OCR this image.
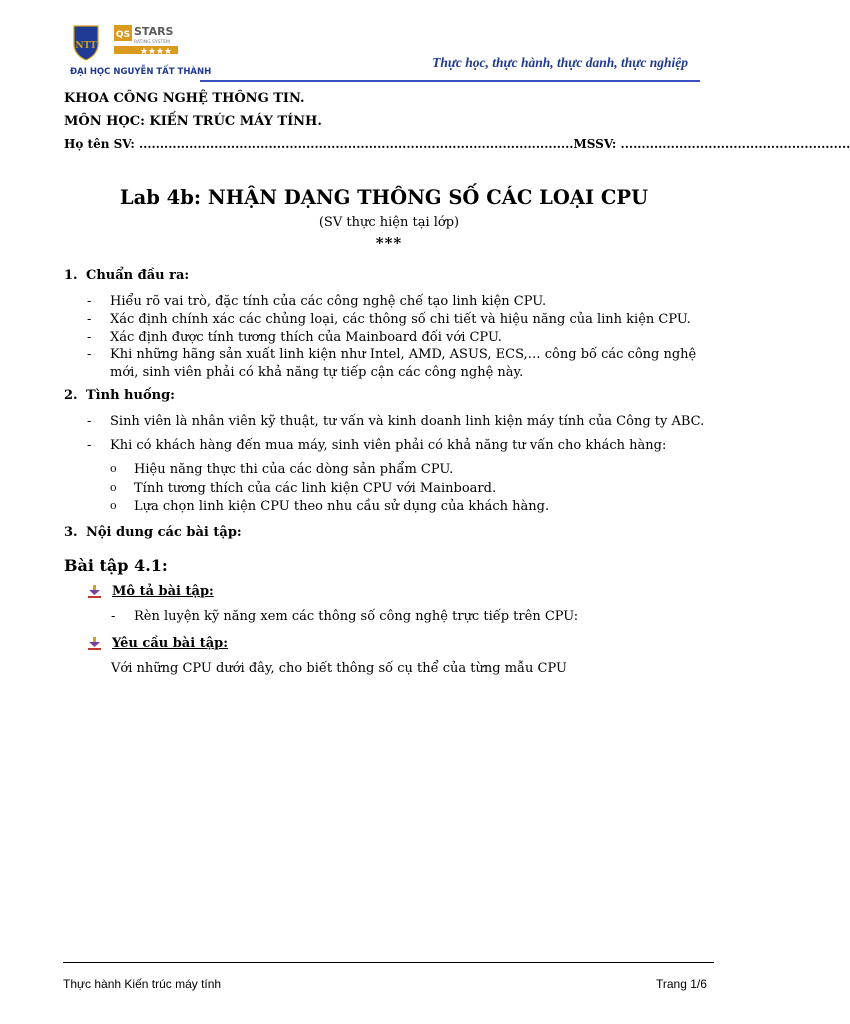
NTT
QS STARS
RATING SYSTEM
ĐẠI HỌC NGUYỄN TẤT THÀNH
Thực học, thực hành, thực danh, thực nghiệp
KHOA CÔNG NGHỆ THÔNG TIN.
MÔN HỌC: KIẾN TRÚC MÁY TÍNH.
Họ tên SV: ........................................................................................................MSSV: .......................................................
Lab 4b: NHẬN DẠNG THÔNG SỐ CÁC LOẠI CPU
(SV thực hiện tại lớp)
***
1. Chuẩn đầu ra:
- Hiểu rõ vai trò, đặc tính của các công nghệ chế tạo linh kiện CPU.
- Xác định chính xác các chủng loại, các thông số chi tiết và hiệu năng của linh kiện CPU.
- Xác định được tính tương thích của Mainboard đối với CPU.
- Khi những hãng sản xuất linh kiện như Intel, AMD, ASUS, ECS,… công bố các công nghệ mới, sinh viên phải có khả năng tự tiếp cận các công nghệ này.
2. Tình huống:
- Sinh viên là nhân viên kỹ thuật, tư vấn và kinh doanh linh kiện máy tính của Công ty ABC.
- Khi có khách hàng đến mua máy, sinh viên phải có khả năng tư vấn cho khách hàng:
o Hiệu năng thực thi của các dòng sản phẩm CPU.
o Tính tương thích của các linh kiện CPU với Mainboard.
o Lựa chọn linh kiện CPU theo nhu cầu sử dụng của khách hàng.
3. Nội dung các bài tập:
Bài tập 4.1:
Mô tả bài tập:
- Rèn luyện kỹ năng xem các thông số công nghệ trực tiếp trên CPU:
Yêu cầu bài tập:
Với những CPU dưới đây, cho biết thông số cụ thể của từng mẫu CPU
Thực hành Kiến trúc máy tính	Trang 1/6
